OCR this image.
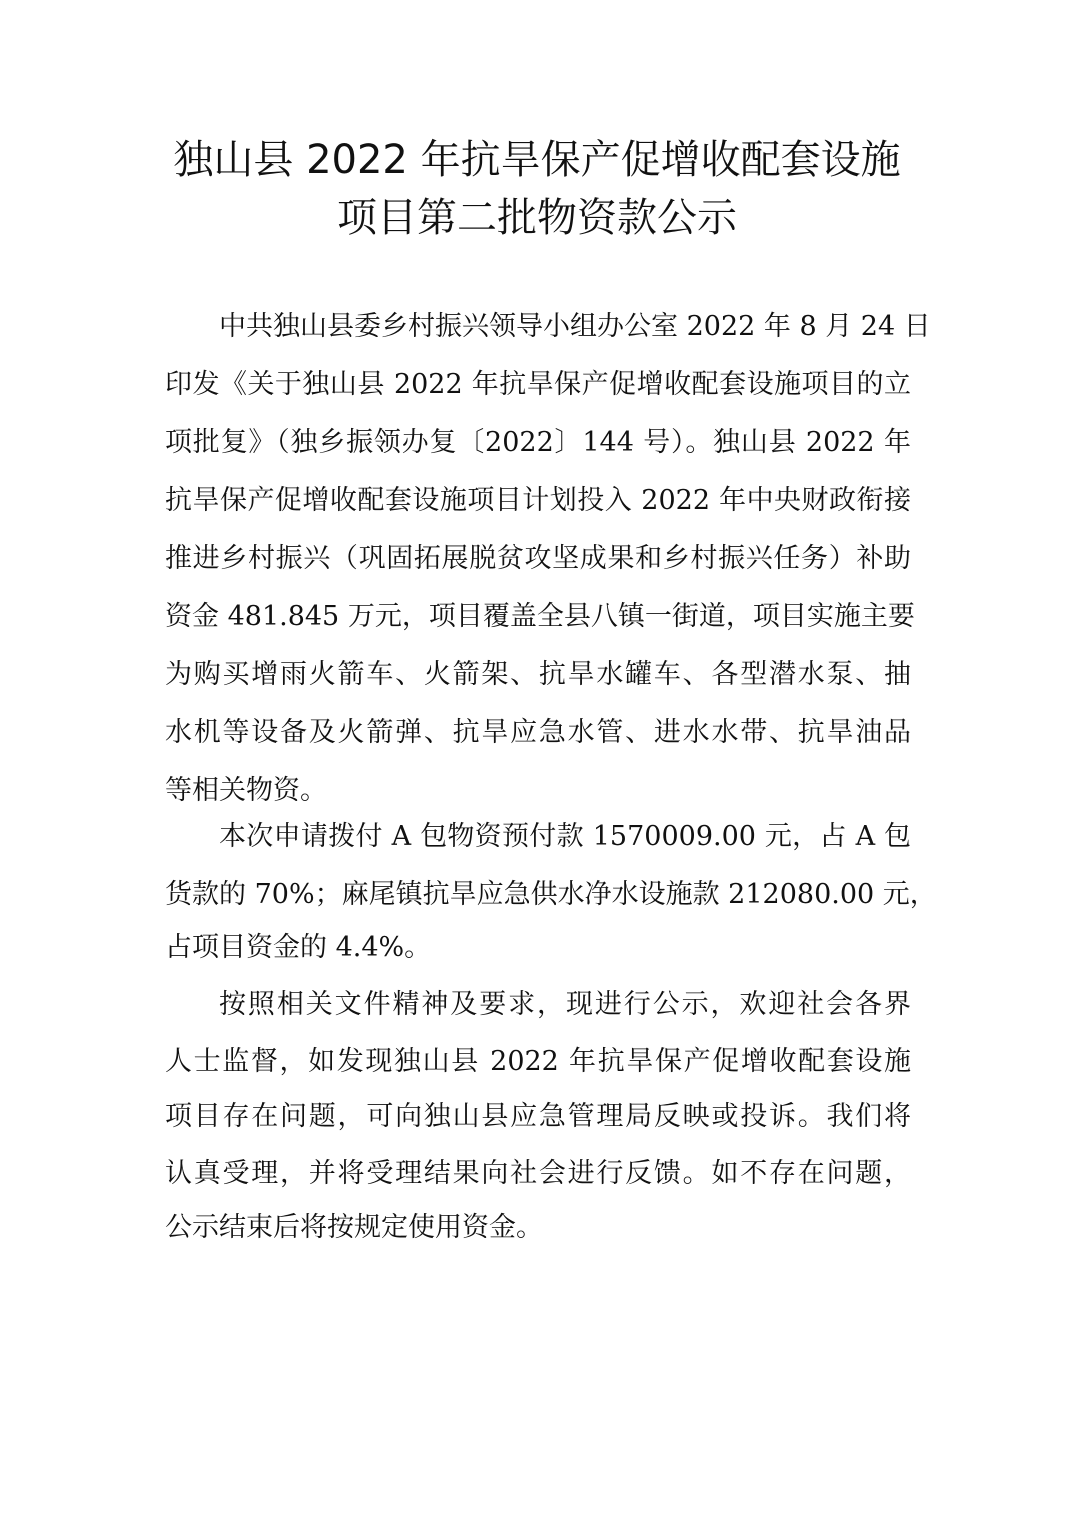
独山县 2022 年抗旱保产促增收配套设施
项目第二批物资款公示
中共独山县委乡村振兴领导小组办公室 2022 年 8 月 24 日
印发《关于独山县 2022 年抗旱保产促增收配套设施项目的立
项批复》（独乡振领办复〔2022〕144 号）。独山县 2022 年
抗旱保产促增收配套设施项目计划投入 2022 年中央财政衔接
推进乡村振兴（巩固拓展脱贫攻坚成果和乡村振兴任务）补助
资金 481.845 万元，项目覆盖全县八镇一街道，项目实施主要
为购买增雨火箭车、火箭架、抗旱水罐车、各型潜水泵、抽
水机等设备及火箭弹、抗旱应急水管、进水水带、抗旱油品
等相关物资。
本次申请拨付 A 包物资预付款 1570009.00 元，占 A 包
货款的 70%；麻尾镇抗旱应急供水净水设施款 212080.00 元，
占项目资金的 4.4%。
按照相关文件精神及要求，现进行公示，欢迎社会各界
人士监督，如发现独山县 2022 年抗旱保产促增收配套设施
项目存在问题，可向独山县应急管理局反映或投诉。我们将
认真受理，并将受理结果向社会进行反馈。如不存在问题，
公示结束后将按规定使用资金。
